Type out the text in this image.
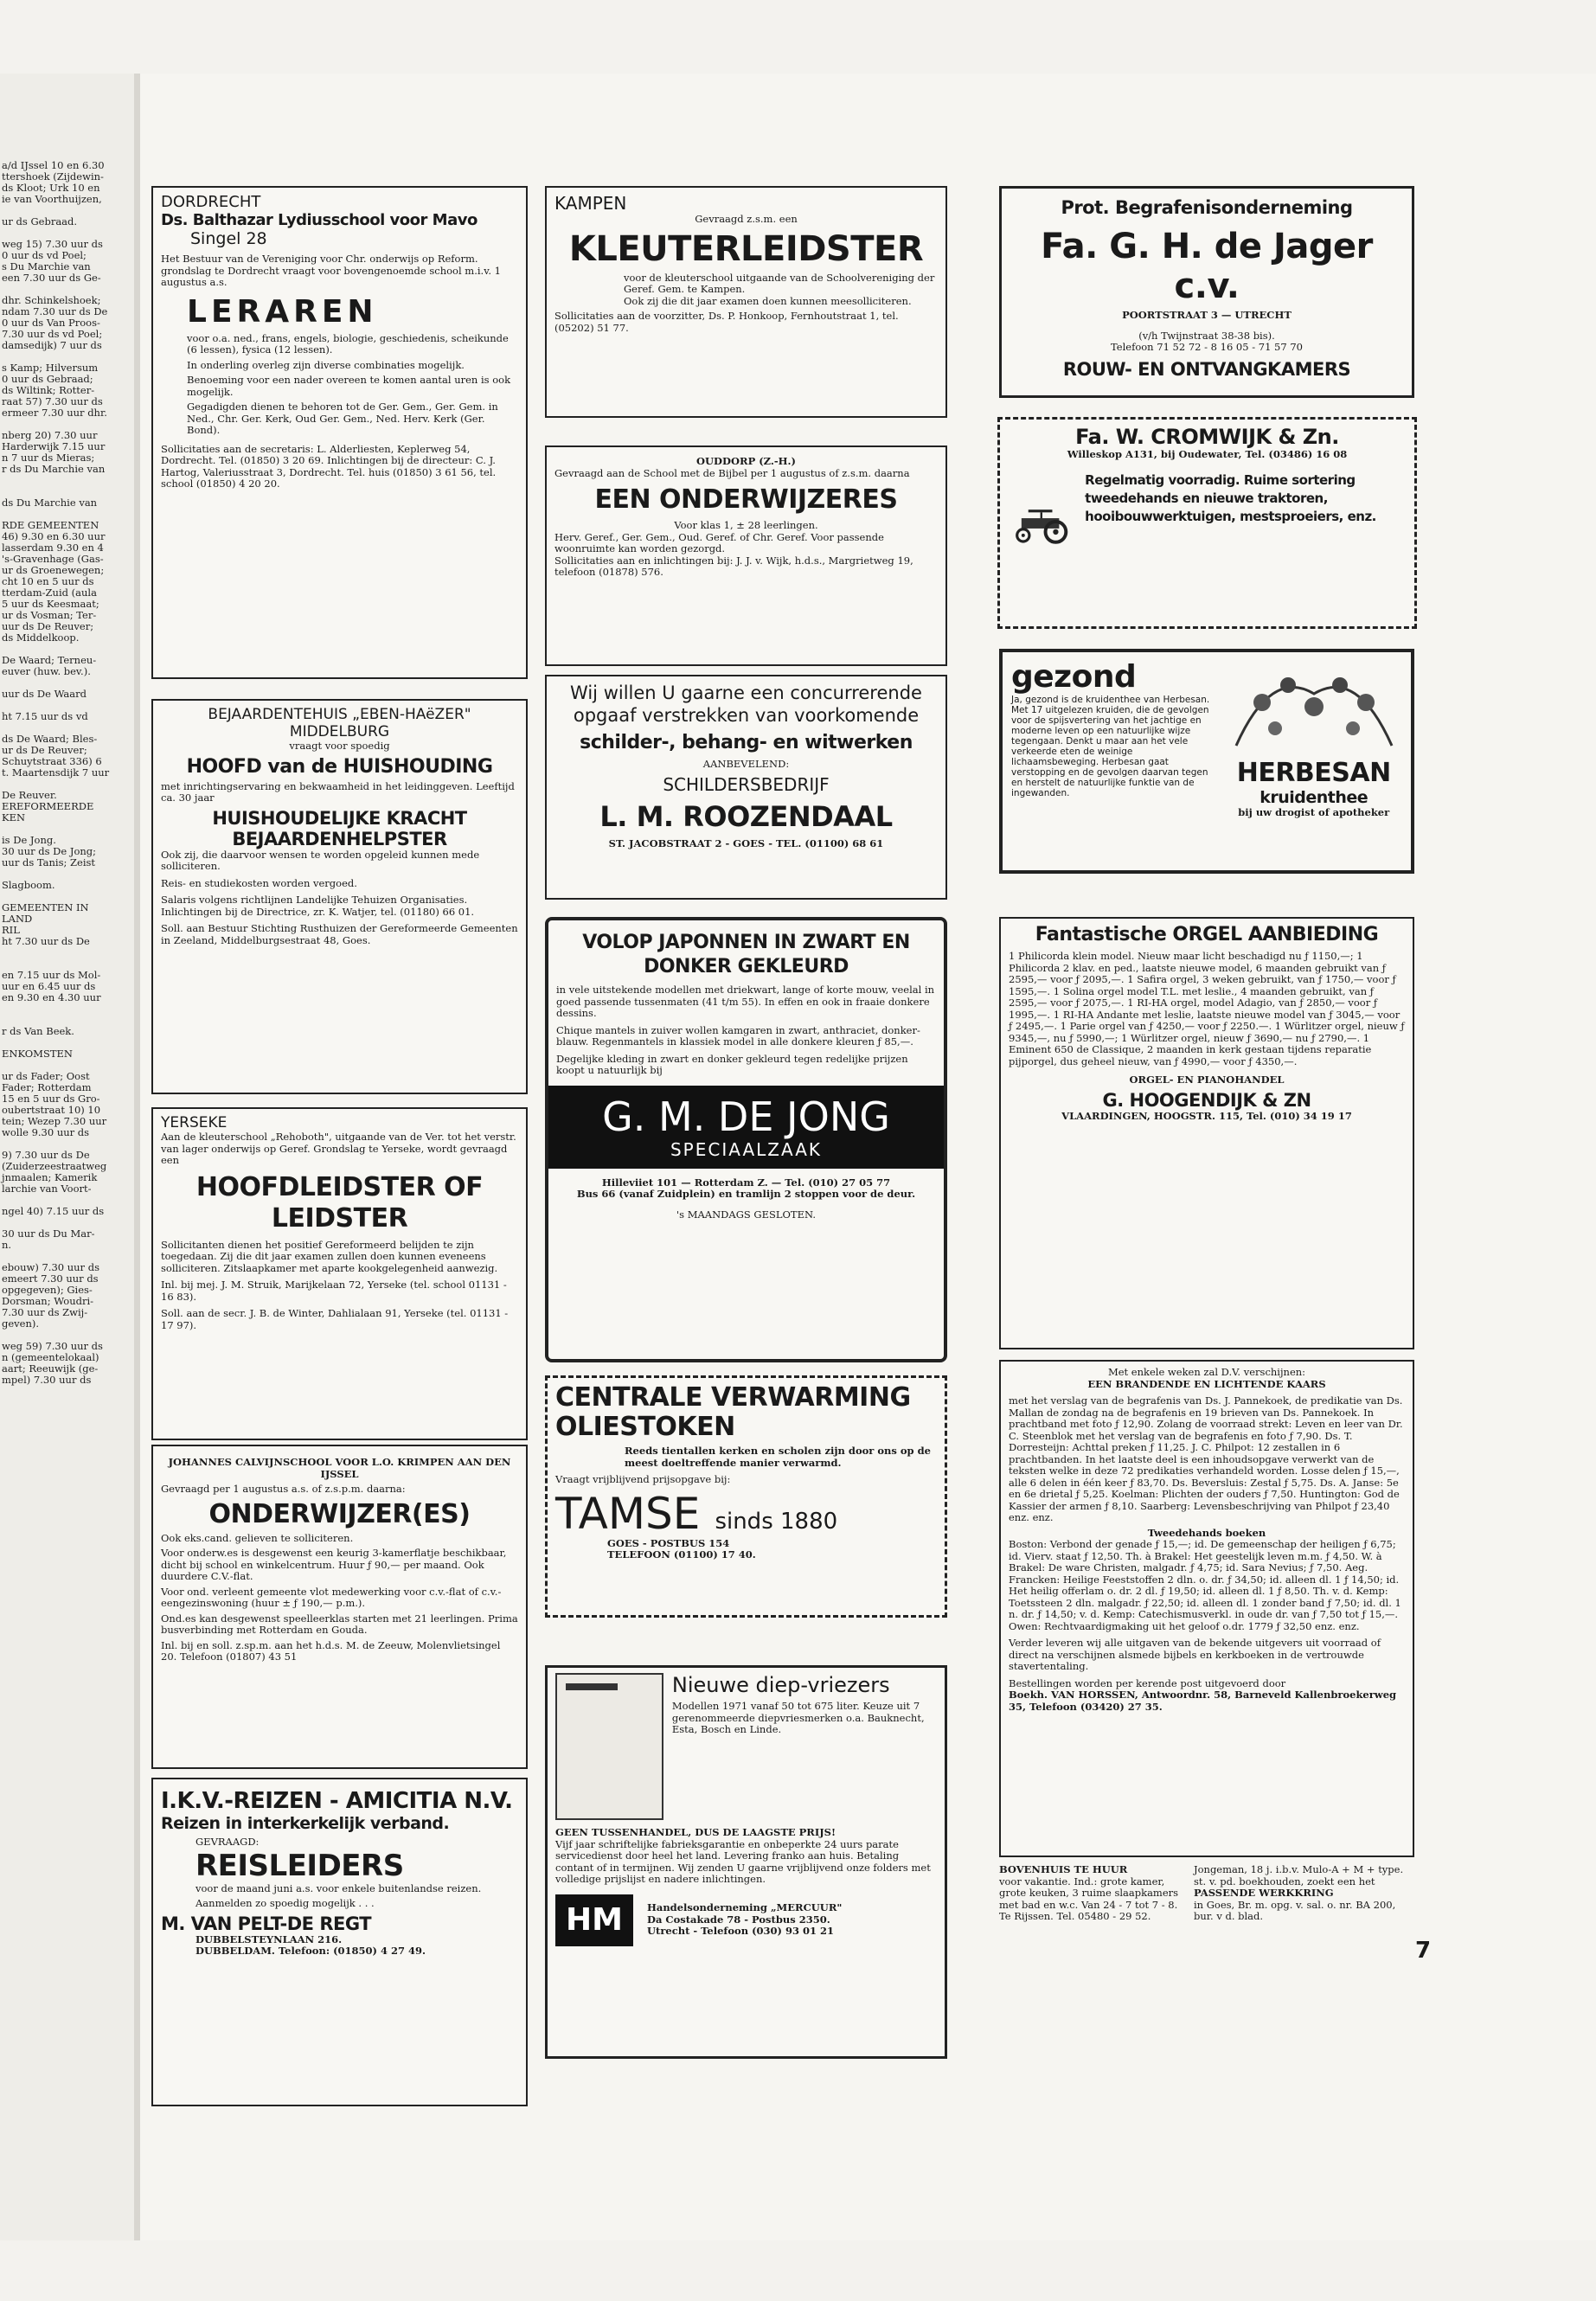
a/d IJssel 10 en 6.30
ttershoek (Zijdewin-
ds Kloot; Urk 10 en
ie van Voorthuijzen,

ur ds Gebraad.

weg 15) 7.30 uur ds
0 uur ds vd Poel;
s Du Marchie van
een 7.30 uur ds Ge-

dhr. Schinkelshoek;
ndam 7.30 uur ds De
0 uur ds Van Proos-
7.30 uur ds vd Poel;
damsedijk) 7 uur ds

s Kamp; Hilversum
0 uur ds Gebraad;
ds Wiltink; Rotter-
raat 57) 7.30 uur ds
ermeer 7.30 uur dhr.

nberg 20) 7.30 uur
Harderwijk 7.15 uur
n 7 uur ds Mieras;
r ds Du Marchie van

ds Du Marchie van

RDE GEMEENTEN
46) 9.30 en 6.30 uur
lasserdam 9.30 en 4
's-Gravenhage (Gas-
ur ds Groenewegen;
cht 10 en 5 uur ds
tterdam-Zuid (aula
5 uur ds Keesmaat;
ur ds Vosman; Ter-
uur ds De Reuver;
ds Middelkoop.

De Waard; Terneu-
euver (huw. bev.).

uur ds De Waard

ht 7.15 uur ds vd

ds De Waard; Bles-
ur ds De Reuver;
Schuytstraat 336) 6
t. Maartensdijk 7 uur

De Reuver.
EREFORMEERDE
KEN

is De Jong.
30 uur ds De Jong;
uur ds Tanis; Zeist

Slagboom.

GEMEENTEN IN
LAND
RIL
ht 7.30 uur ds De

en 7.15 uur ds Mol-
uur en 6.45 uur ds
en 9.30 en 4.30 uur

r ds Van Beek.

ENKOMSTEN

ur ds Fader; Oost
Fader; Rotterdam
15 en 5 uur ds Gro-
oubertstraat 10) 10
tein; Wezep 7.30 uur
wolle 9.30 uur ds

9) 7.30 uur ds De
(Zuiderzeestraatweg
jnmaalen; Kamerik
larchie van Voort-

ngel 40) 7.15 uur ds

30 uur ds Du Mar-
n.

ebouw) 7.30 uur ds
emeert 7.30 uur ds
opgegeven); Gies-
Dorsman; Woudri-
7.30 uur ds Zwij-
geven).

weg 59) 7.30 uur ds
n (gemeentelokaal)
aart; Reeuwijk (ge-
mpel) 7.30 uur ds

DORDRECHT

Ds. Balthazar Lydiusschool voor Mavo

Singel 28

Het Bestuur van de Vereniging voor Chr. onderwijs op Reform. grondslag te Dordrecht vraagt voor bovengenoemde school m.i.v. 1 augustus a.s.

LERAREN

voor o.a. ned., frans, engels, biologie, geschiedenis, scheikunde (6 lessen), fysica (12 lessen).

In onderling overleg zijn diverse combinaties mogelijk.

Benoeming voor een nader overeen te komen aantal uren is ook mogelijk.

Gegadigden dienen te behoren tot de Ger. Gem., Ger. Gem. in Ned., Chr. Ger. Kerk, Oud Ger. Gem., Ned. Herv. Kerk (Ger. Bond).

Sollicitaties aan de secretaris: L. Alderliesten, Keplerweg 54, Dordrecht. Tel. (01850) 3 20 69. Inlichtingen bij de directeur: C. J. Hartog, Valeriusstraat 3, Dordrecht. Tel. huis (01850) 3 61 56, tel. school (01850) 4 20 20.

KAMPEN

Gevraagd z.s.m. een

KLEUTERLEIDSTER

voor de kleuterschool uitgaande van de Schoolvereniging der Geref. Gem. te Kampen.

Ook zij die dit jaar examen doen kunnen meesolliciteren.

Sollicitaties aan de voorzitter, Ds. P. Honkoop, Fernhoutstraat 1, tel. (05202) 51 77.

Prot. Begrafenisonderneming

Fa. G. H. de Jager c.v.

POORTSTRAAT 3 — UTRECHT

(v/h Twijnstraat 38-38 bis).

Telefoon 71 52 72 - 8 16 05 - 71 57 70

ROUW- EN ONTVANGKAMERS

Fa. W. CROMWIJK & Zn.

Willeskop A131, bij Oudewater, Tel. (03486) 16 08

Regelmatig voorradig. Ruime sortering tweedehands en nieuwe traktoren, hooibouwwerktuigen, mestsproeiers, enz.

OUDDORP (Z.-H.)

Gevraagd aan de School met de Bijbel per 1 augustus of z.s.m. daarna

EEN ONDERWIJZERES

Voor klas 1, ± 28 leerlingen.

Herv. Geref., Ger. Gem., Oud. Geref. of Chr. Geref. Voor passende woonruimte kan worden gezorgd.

Sollicitaties aan en inlichtingen bij: J. J. v. Wijk, h.d.s., Margrietweg 19, telefoon (01878) 576.

BEJAARDENTEHUIS „EBEN-HAëZER"

MIDDELBURG

vraagt voor spoedig

HOOFD van de HUISHOUDING

met inrichtingservaring en bekwaamheid in het leidinggeven. Leeftijd ca. 30 jaar

HUISHOUDELIJKE KRACHT

BEJAARDENHELPSTER

Ook zij, die daarvoor wensen te worden opgeleid kunnen mede solliciteren.

Reis- en studiekosten worden vergoed.

Salaris volgens richtlijnen Landelijke Tehuizen Organisaties. Inlichtingen bij de Directrice, zr. K. Watjer, tel. (01180) 66 01.

Soll. aan Bestuur Stichting Rusthuizen der Gereformeerde Gemeenten in Zeeland, Middelburgsestraat 48, Goes.

Wij willen U gaarne een concurrerende

opgaaf verstrekken van voorkomende

schilder-, behang- en witwerken

AANBEVELEND:

SCHILDERSBEDRIJF

L. M. ROOZENDAAL

ST. JACOBSTRAAT 2 - GOES - TEL. (01100) 68 61

gezond

Ja, gezond is de kruidenthee van Herbesan. Met 17 uitgelezen kruiden, die de gevolgen voor de spijsvertering van het jachtige en moderne leven op een natuurlijke wijze tegengaan. Denkt u maar aan het vele verkeerde eten de weinige lichaamsbeweging. Herbesan gaat verstopping en de gevolgen daarvan tegen en herstelt de natuurlijke funktie van de ingewanden.

HERBESAN

kruidenthee

bij uw drogist of apotheker

YERSEKE

Aan de kleuterschool „Rehoboth", uitgaande van de Ver. tot het verstr. van lager onderwijs op Geref. Grondslag te Yerseke, wordt gevraagd een

HOOFDLEIDSTER OF LEIDSTER

Sollicitanten dienen het positief Gereformeerd belijden te zijn toegedaan. Zij die dit jaar examen zullen doen kunnen eveneens solliciteren. Zitslaapkamer met aparte kookgelegenheid aanwezig.

Inl. bij mej. J. M. Struik, Marijkelaan 72, Yerseke (tel. school 01131 - 16 83).

Soll. aan de secr. J. B. de Winter, Dahlialaan 91, Yerseke (tel. 01131 - 17 97).

VOLOP JAPONNEN IN ZWART EN DONKER GEKLEURD

in vele uitstekende modellen met driekwart, lange of korte mouw, veelal in goed passende tussenmaten (41 t/m 55). In effen en ook in fraaie donkere dessins.

Chique mantels in zuiver wollen kamgaren in zwart, anthraciet, donker-blauw. Regenmantels in klassiek model in alle donkere kleuren ƒ 85,—.

Degelijke kleding in zwart en donker gekleurd tegen redelijke prijzen koopt u natuurlijk bij

G. M. DE JONG

SPECIAALZAAK

Hilleviiet 101 — Rotterdam Z. — Tel. (010) 27 05 77

Bus 66 (vanaf Zuidplein) en tramlijn 2 stoppen voor de deur.

's MAANDAGS GESLOTEN.

Fantastische ORGEL AANBIEDING

1 Philicorda klein model. Nieuw maar licht beschadigd nu ƒ 1150,—; 1 Philicorda 2 klav. en ped., laatste nieuwe model, 6 maanden gebruikt van ƒ 2595,— voor ƒ 2095,—. 1 Safira orgel, 3 weken gebruikt, van ƒ 1750,— voor ƒ 1595,—. 1 Solina orgel model T.L. met leslie., 4 maanden gebruikt, van ƒ 2595,— voor ƒ 2075,—. 1 RI-HA orgel, model Adagio, van ƒ 2850,— voor ƒ 1995,—. 1 RI-HA Andante met leslie, laatste nieuwe model van ƒ 3045,— voor ƒ 2495,—. 1 Parie orgel van ƒ 4250,— voor ƒ 2250.—. 1 Würlitzer orgel, nieuw ƒ 9345,—, nu ƒ 5990,—; 1 Würlitzer orgel, nieuw ƒ 3690,— nu ƒ 2790,—. 1 Eminent 650 de Classique, 2 maanden in kerk gestaan tijdens reparatie pijporgel, dus geheel nieuw, van ƒ 4990,— voor ƒ 4350,—.

ORGEL- EN PIANOHANDEL

G. HOOGENDIJK & ZN

VLAARDINGEN, HOOGSTR. 115, Tel. (010) 34 19 17

JOHANNES CALVIJNSCHOOL VOOR L.O. KRIMPEN AAN DEN IJSSEL

Gevraagd per 1 augustus a.s. of z.s.p.m. daarna:

ONDERWIJZER(ES)

Ook eks.cand. gelieven te solliciteren.

Voor onderw.es is desgewenst een keurig 3-kamerflatje beschikbaar, dicht bij school en winkelcentrum. Huur ƒ 90,— per maand. Ook duurdere C.V.-flat.

Voor ond. verleent gemeente vlot medewerking voor c.v.-flat of c.v.-eengezinswoning (huur ± ƒ 190,— p.m.).

Ond.es kan desgewenst speelleerklas starten met 21 leerlingen. Prima busverbinding met Rotterdam en Gouda.

Inl. bij en soll. z.sp.m. aan het h.d.s. M. de Zeeuw, Molenvlietsingel 20. Telefoon (01807) 43 51

CENTRALE VERWARMING OLIESTOKEN

Reeds tientallen kerken en scholen zijn door ons op de meest doeltreffende manier verwarmd.

Vraagt vrijblijvend prijsopgave bij:

TAMSE sinds 1880

GOES - POSTBUS 154

TELEFOON (01100) 17 40.

Met enkele weken zal D.V. verschijnen:

EEN BRANDENDE EN LICHTENDE KAARS

met het verslag van de begrafenis van Ds. J. Pannekoek, de predikatie van Ds. Mallan de zondag na de begrafenis en 19 brieven van Ds. Pannekoek. In prachtband met foto ƒ 12,90. Zolang de voorraad strekt: Leven en leer van Dr. C. Steenblok met het verslag van de begrafenis en foto ƒ 7,90. Ds. T. Dorresteijn: Achttal preken ƒ 11,25. J. C. Philpot: 12 zestallen in 6 prachtbanden. In het laatste deel is een inhoudsopgave verwerkt van de teksten welke in deze 72 predikaties verhandeld worden. Losse delen ƒ 15,—, alle 6 delen in één keer ƒ 83,70. Ds. Beversluis: Zestal ƒ 5,75. Ds. A. Janse: 5e en 6e drietal ƒ 5,25. Koelman: Plichten der ouders ƒ 7,50. Huntington: God de Kassier der armen ƒ 8,10. Saarberg: Levensbeschrijving van Philpot ƒ 23,40 enz. enz.

Tweedehands boeken

Boston: Verbond der genade ƒ 15,—; id. De gemeenschap der heiligen ƒ 6,75; id. Vierv. staat ƒ 12,50. Th. à Brakel: Het geestelijk leven m.m. ƒ 4,50. W. à Brakel: De ware Christen, malgadr. ƒ 4,75; id. Sara Nevius; ƒ 7,50. Aeg. Francken: Heilige Feeststoffen 2 dln. o. dr. ƒ 34,50; id. alleen dl. 1 ƒ 14,50; id. Het heilig offerlam o. dr. 2 dl. ƒ 19,50; id. alleen dl. 1 ƒ 8,50. Th. v. d. Kemp: Toetssteen 2 dln. malgadr. ƒ 22,50; id. alleen dl. 1 zonder band ƒ 7,50; id. dl. 1 n. dr. ƒ 14,50; v. d. Kemp: Catechismusverkl. in oude dr. van ƒ 7,50 tot ƒ 15,—. Owen: Rechtvaardigmaking uit het geloof o.dr. 1779 ƒ 32,50 enz. enz.

Verder leveren wij alle uitgaven van de bekende uitgevers uit voorraad of direct na verschijnen alsmede bijbels en kerkboeken in de vertrouwde stavertentaling.

Bestellingen worden per kerende post uitgevoerd door

Boekh. VAN HORSSEN, Antwoordnr. 58, Barneveld Kallenbroekerweg 35, Telefoon (03420) 27 35.

I.K.V.-REIZEN - AMICITIA N.V.

Reizen in interkerkelijk verband.

GEVRAAGD:

REISLEIDERS

voor de maand juni a.s. voor enkele buitenlandse reizen.

Aanmelden zo spoedig mogelijk . . .

M. VAN PELT-DE REGT

DUBBELSTEYNLAAN 216.

DUBBELDAM. Telefoon: (01850) 4 27 49.

Nieuwe diep-vriezers

Modellen 1971 vanaf 50 tot 675 liter. Keuze uit 7 gerenommeerde diepvriesmerken o.a. Bauknecht, Esta, Bosch en Linde.

GEEN TUSSENHANDEL, DUS DE LAAGSTE PRIJS!

Vijf jaar schriftelijke fabrieksgarantie en onbeperkte 24 uurs parate servicedienst door heel het land. Levering franko aan huis. Betaling contant of in termijnen. Wij zenden U gaarne vrijblijvend onze folders met volledige prijslijst en nadere inlichtingen.

HM	Handelsonderneming „MERCUUR"

Da Costakade 78 - Postbus 2350.

Utrecht - Telefoon (030) 93 01 21

BOVENHUIS TE HUUR

voor vakantie. Ind.: grote kamer, grote keuken, 3 ruime slaapkamers met bad en w.c. Van 24 - 7 tot 7 - 8. Te Rijssen. Tel. 05480 - 29 52.

Jongeman, 18 j. i.b.v. Mulo-A + M + type. st. v. pd. boekhouden, zoekt een het

PASSENDE WERKKRING

in Goes, Br. m. opg. v. sal. o. nr. BA 200, bur. v d. blad.

7
